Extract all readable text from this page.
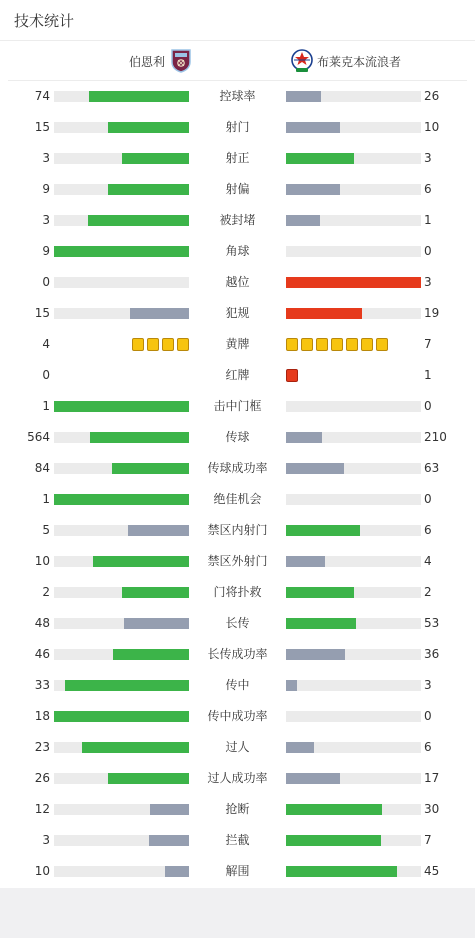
技术统计
伯恩利	布莱克本流浪者
74	控球率	26
15	射门	10
3	射正	3
9	射偏	6
3	被封堵	1
9	角球	0
0	越位	3
15	犯规	19
4	黄牌	7
0	红牌	1
1	击中门框	0
564	传球	210
84	传球成功率	63
1	绝佳机会	0
5	禁区内射门	6
10	禁区外射门	4
2	门将扑救	2
48	长传	53
46	长传成功率	36
33	传中	3
18	传中成功率	0
23	过人	6
26	过人成功率	17
12	抢断	30
3	拦截	7
10	解围	45
